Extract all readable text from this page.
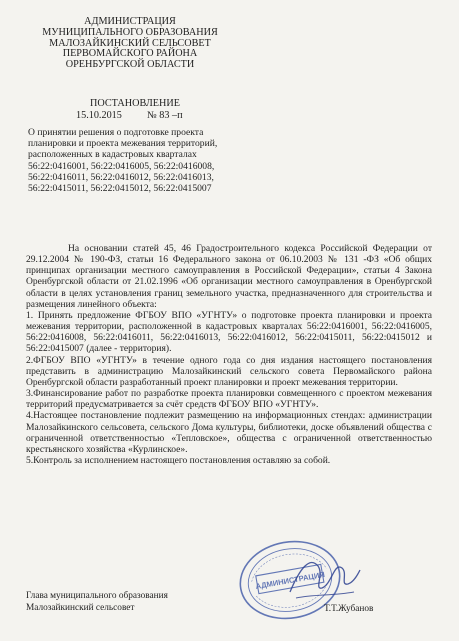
АДМИНИСТРАЦИЯ
МУНИЦИПАЛЬНОГО ОБРАЗОВАНИЯ
МАЛОЗАЙКИНСКИЙ СЕЛЬСОВЕТ
ПЕРВОМАЙСКОГО РАЙОНА
ОРЕНБУРГСКОЙ ОБЛАСТИ
ПОСТАНОВЛЕНИЕ
15.10.2015 № 83 –п
О принятии решения о подготовке проекта
планировки и проекта межевания территорий,
расположенных в кадастровых кварталах
56:22:0416001, 56:22:0416005, 56:22:0416008,
56:22:0416011, 56:22:0416012, 56:22:0416013,
56:22:0415011, 56:22:0415012, 56:22:0415007

На основании статей 45, 46 Градостроительного кодекса Российской Федерации от 29.12.2004 № 190-ФЗ, статьи 16 Федерального закона от 06.10.2003 № 131 -ФЗ «Об общих принципах организации местного самоуправления в Российской Федерации», статьи 4 Закона Оренбургской области от 21.02.1996 «Об организации местного самоуправления в Оренбургской области в целях установления границ земельного участка, предназначенного для строительства и размещения линейного объекта:

1. Принять предложение ФГБОУ ВПО «УГНТУ» о подготовке проекта планировки и проекта межевания территории, расположенной в кадастровых кварталах 56:22:0416001, 56:22:0416005, 56:22:0416008, 56:22:0416011, 56:22:0416013, 56:22:0416012, 56:22:0415011, 56:22:0415012 и 56:22:0415007 (далее - территория).

2.ФГБОУ ВПО «УГНТУ» в течение одного года со дня издания настоящего постановления представить в администрацию Малозайкинский сельского совета Первомайского района Оренбургской области разработанный проект планировки и проект межевания территории.

3.Финансирование работ по разработке проекта планировки совмещенного с проектом межевания территорий предусматривается за счёт средств ФГБОУ ВПО «УГНТУ».

4.Настоящее постановление подлежит размещению на информационных стендах: администрации Малозайкинского сельсовета, сельского Дома культуры, библиотеки, доске объявлений общества с ограниченной ответственностью «Тепловское», общества с ограниченной ответственностью крестьянского хозяйства «Курлинское».

5.Контроль за исполнением настоящего постановления оставляю за собой.

АДМИНИСТРАЦИЯ
Глава муниципального образования
Малозайкинский сельсовет	Т.Т.Жубанов
